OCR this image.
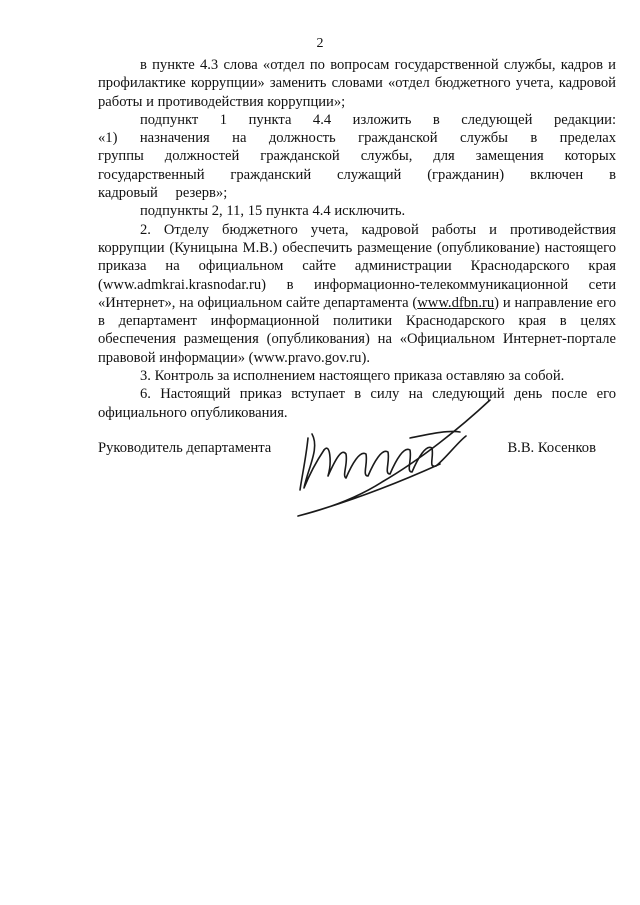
2

в пункте 4.3 слова «отдел по вопросам государственной службы, кадров и профилактике коррупции» заменить словами «отдел бюджетного учета, кадровой работы и противодействия коррупции»;

подпункт 1 пункта 4.4 изложить в следующей редакции: «1) назначения на должность гражданской службы в пределах группы должностей гражданской службы, для замещения которых государственный гражданский служащий (гражданин) включен в кадровый резерв»;

подпункты 2, 11, 15 пункта 4.4 исключить.

2. Отделу бюджетного учета, кадровой работы и противодействия коррупции (Куницына М.В.) обеспечить размещение (опубликование) настоящего приказа на официальном сайте администрации Краснодарского края (www.admkrai.krasnodar.ru) в информационно-телекоммуникационной сети «Интернет», на официальном сайте департамента (www.dfbn.ru) и направление его в департамент информационной политики Краснодарского края в целях обеспечения размещения (опубликования) на «Официальном Интернет-портале правовой информации» (www.pravo.gov.ru).

3. Контроль за исполнением настоящего приказа оставляю за собой.

6. Настоящий приказ вступает в силу на следующий день после его официального опубликования.

Руководитель департамента	В.В. Косенков
